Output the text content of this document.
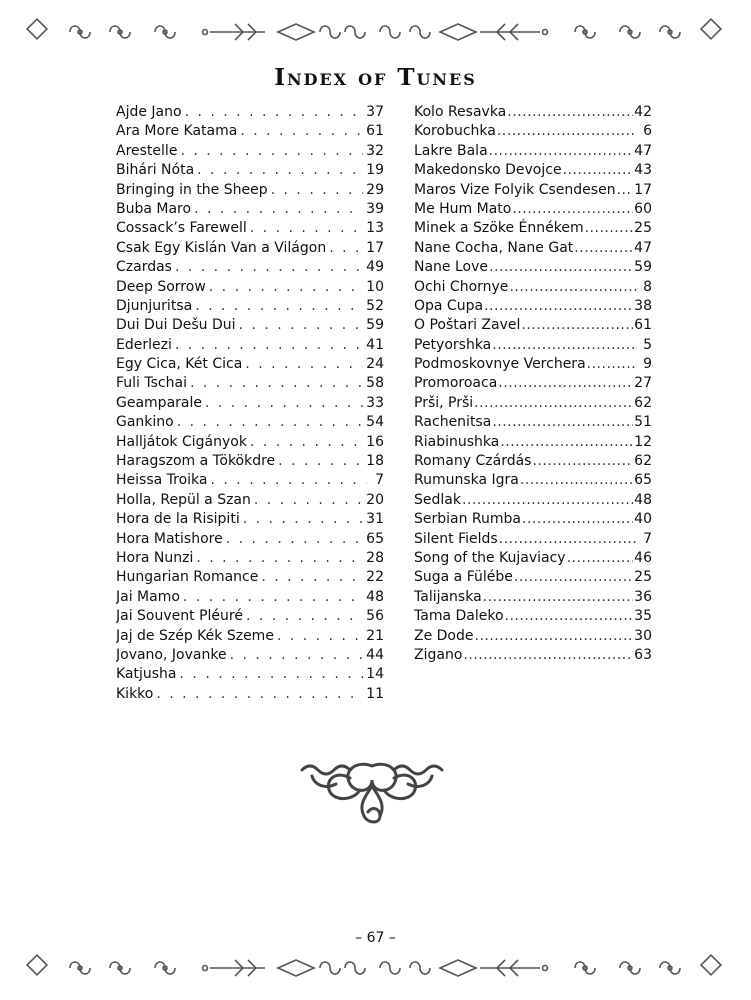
Index of Tunes
Ajde Jano . . .	37
Ara More Katama . . .	61
Arestelle . . .	32
Bihári Nóta . . .	19
Bringing in the Sheep . . .	29
Buba Maro . . .	39
Cossack’s Farewell . . .	13
Csak Egy Kislán Van a Világon . . .	17
Czardas . . .	49
Deep Sorrow . . .	10
Djunjuritsa . . .	52
Dui Dui Dešu Dui . . .	59
Ederlezi . . .	41
Egy Cica, Két Cica . . .	24
Fuli Tschai . . .	58
Geamparale . . .	33
Gankino . . .	54
Halljátok Cigányok . . .	16
Haragszom a Tökökdre . . .	18
Heissa Troika . . .	7
Holla, Repül a Szan . . .	20
Hora de la Risipiti . . .	31
Hora Matishore . . .	65
Hora Nunzi . . .	28
Hungarian Romance . . .	22
Jai Mamo . . .	48
Jai Souvent Pléuré . . .	56
Jaj de Szép Kék Szeme . . .	21
Jovano, Jovanke . . .	44
Katjusha . . .	14
Kikko . . .	11
Kolo Resavka .....	42
Korobuchka .....	6
Lakre Bala .....	47
Makedonsko Devojce .....	43
Maros Vize Folyik Csendesen ..... 17
Me Hum Mato .....	60
Minek a Szöke Énnékem .....	25
Nane Cocha, Nane Gat .....	47
Nane Love .....	59
Ochi Chornye .....	8
Opa Cupa .....	38
O Poštari Zavel .....	61
Petyorshka .....	5
Podmoskovnye Verchera .....	9
Promoroaca .....	27
Prši, Prši .....	62
Rachenitsa .....	51
Riabinushka .....	12
Romany Czárdás .....	62
Rumunska Igra .....	65
Sedlak .....	48
Serbian Rumba .....	40
Silent Fields .....	7
Song of the Kujaviacy .....	46
Suga a Fülébe .....	25
Talijanska .....	36
Tama Daleko .....	35
Ze Dode .....	30
Zigano .....	63
– 67 –
